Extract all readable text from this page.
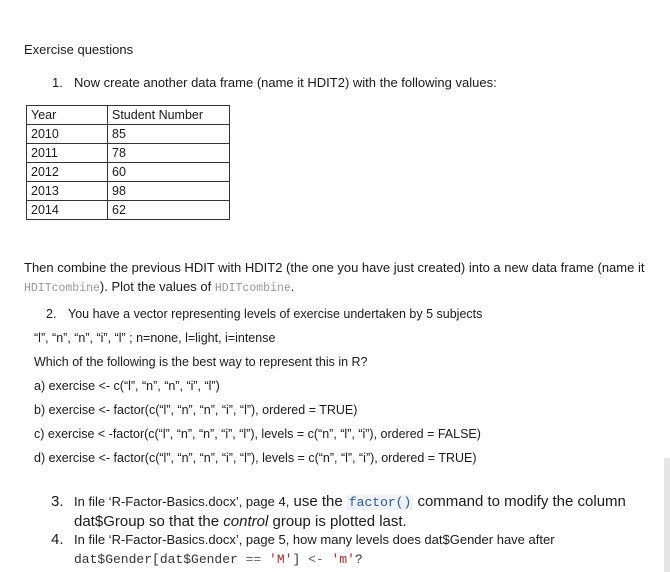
Exercise questions
1. Now create another data frame (name it HDIT2) with the following values:
Year	Student Number
2010	85
2011	78
2012	60
2013	98
2014	62
Then combine the previous HDIT with HDIT2 (the one you have just created) into a new data frame (name it HDITcombine). Plot the values of HDITcombine.
2. You have a vector representing levels of exercise undertaken by 5 subjects
“l”, “n”, “n”, “i”, “l” ; n=none, l=light, i=intense
Which of the following is the best way to represent this in R?
a) exercise <- c(“l”, “n”, “n”, “i”, “l”)
b) exercise <- factor(c(“l”, “n”, “n”, “i”, “l”), ordered = TRUE)
c) exercise < -factor(c(“l”, “n”, “n”, “i”, “l”), levels = c(“n”, “l”, “i”), ordered = FALSE)
d) exercise <- factor(c(“l”, “n”, “n”, “i”, “l”), levels = c(“n”, “l”, “i”), ordered = TRUE)
3. In file ‘R-Factor-Basics.docx’, page 4, use the factor() command to modify the column dat$Group so that the control group is plotted last.
4. In file ‘R-Factor-Basics.docx’, page 5, how many levels does dat$Gender have after
dat$Gender[dat$Gender == 'M'] <- 'm'?
